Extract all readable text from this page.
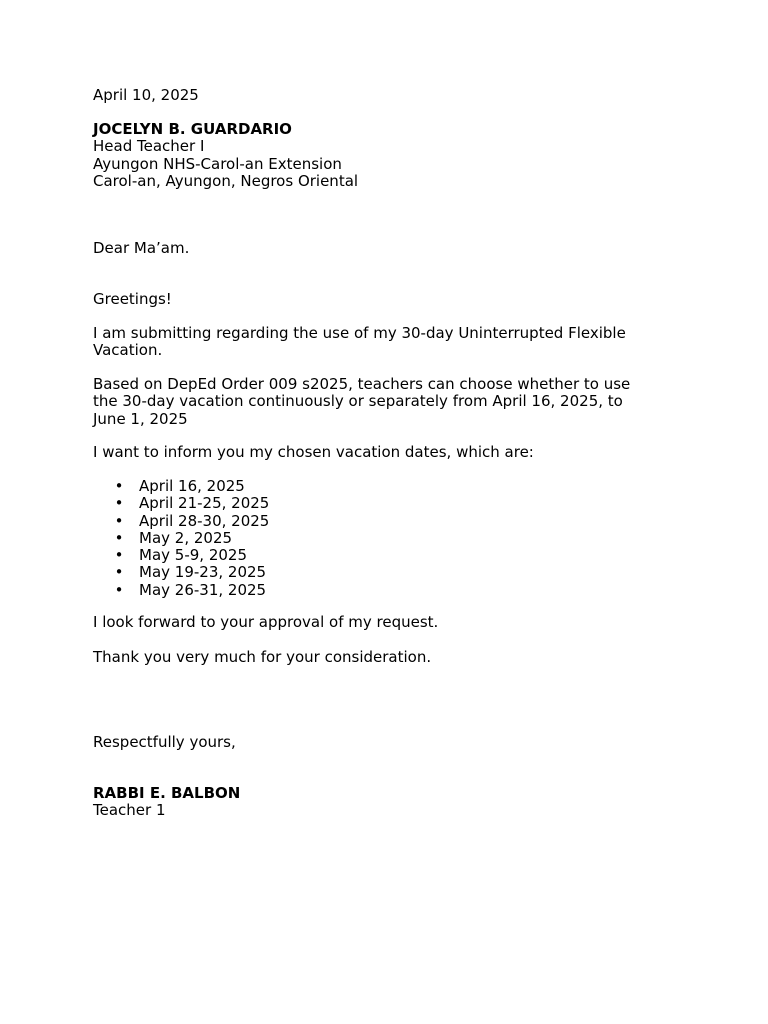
April 10, 2025

JOCELYN B. GUARDARIO
Head Teacher I
Ayungon NHS-Carol-an Extension
Carol-an, Ayungon, Negros Oriental

Dear Ma’am.

Greetings!

I am submitting regarding the use of my 30-day Uninterrupted Flexible Vacation.

Based on DepEd Order 009 s2025, teachers can choose whether to use
the 30-day vacation continuously or separately from April 16, 2025, to
June 1, 2025

I want to inform you my chosen vacation dates, which are:

• April 16, 2025
• April 21-25, 2025
• April 28-30, 2025
• May 2, 2025
• May 5-9, 2025
• May 19-23, 2025
• May 26-31, 2025

I look forward to your approval of my request.

Thank you very much for your consideration.

Respectfully yours,

RABBI E. BALBON
Teacher 1
